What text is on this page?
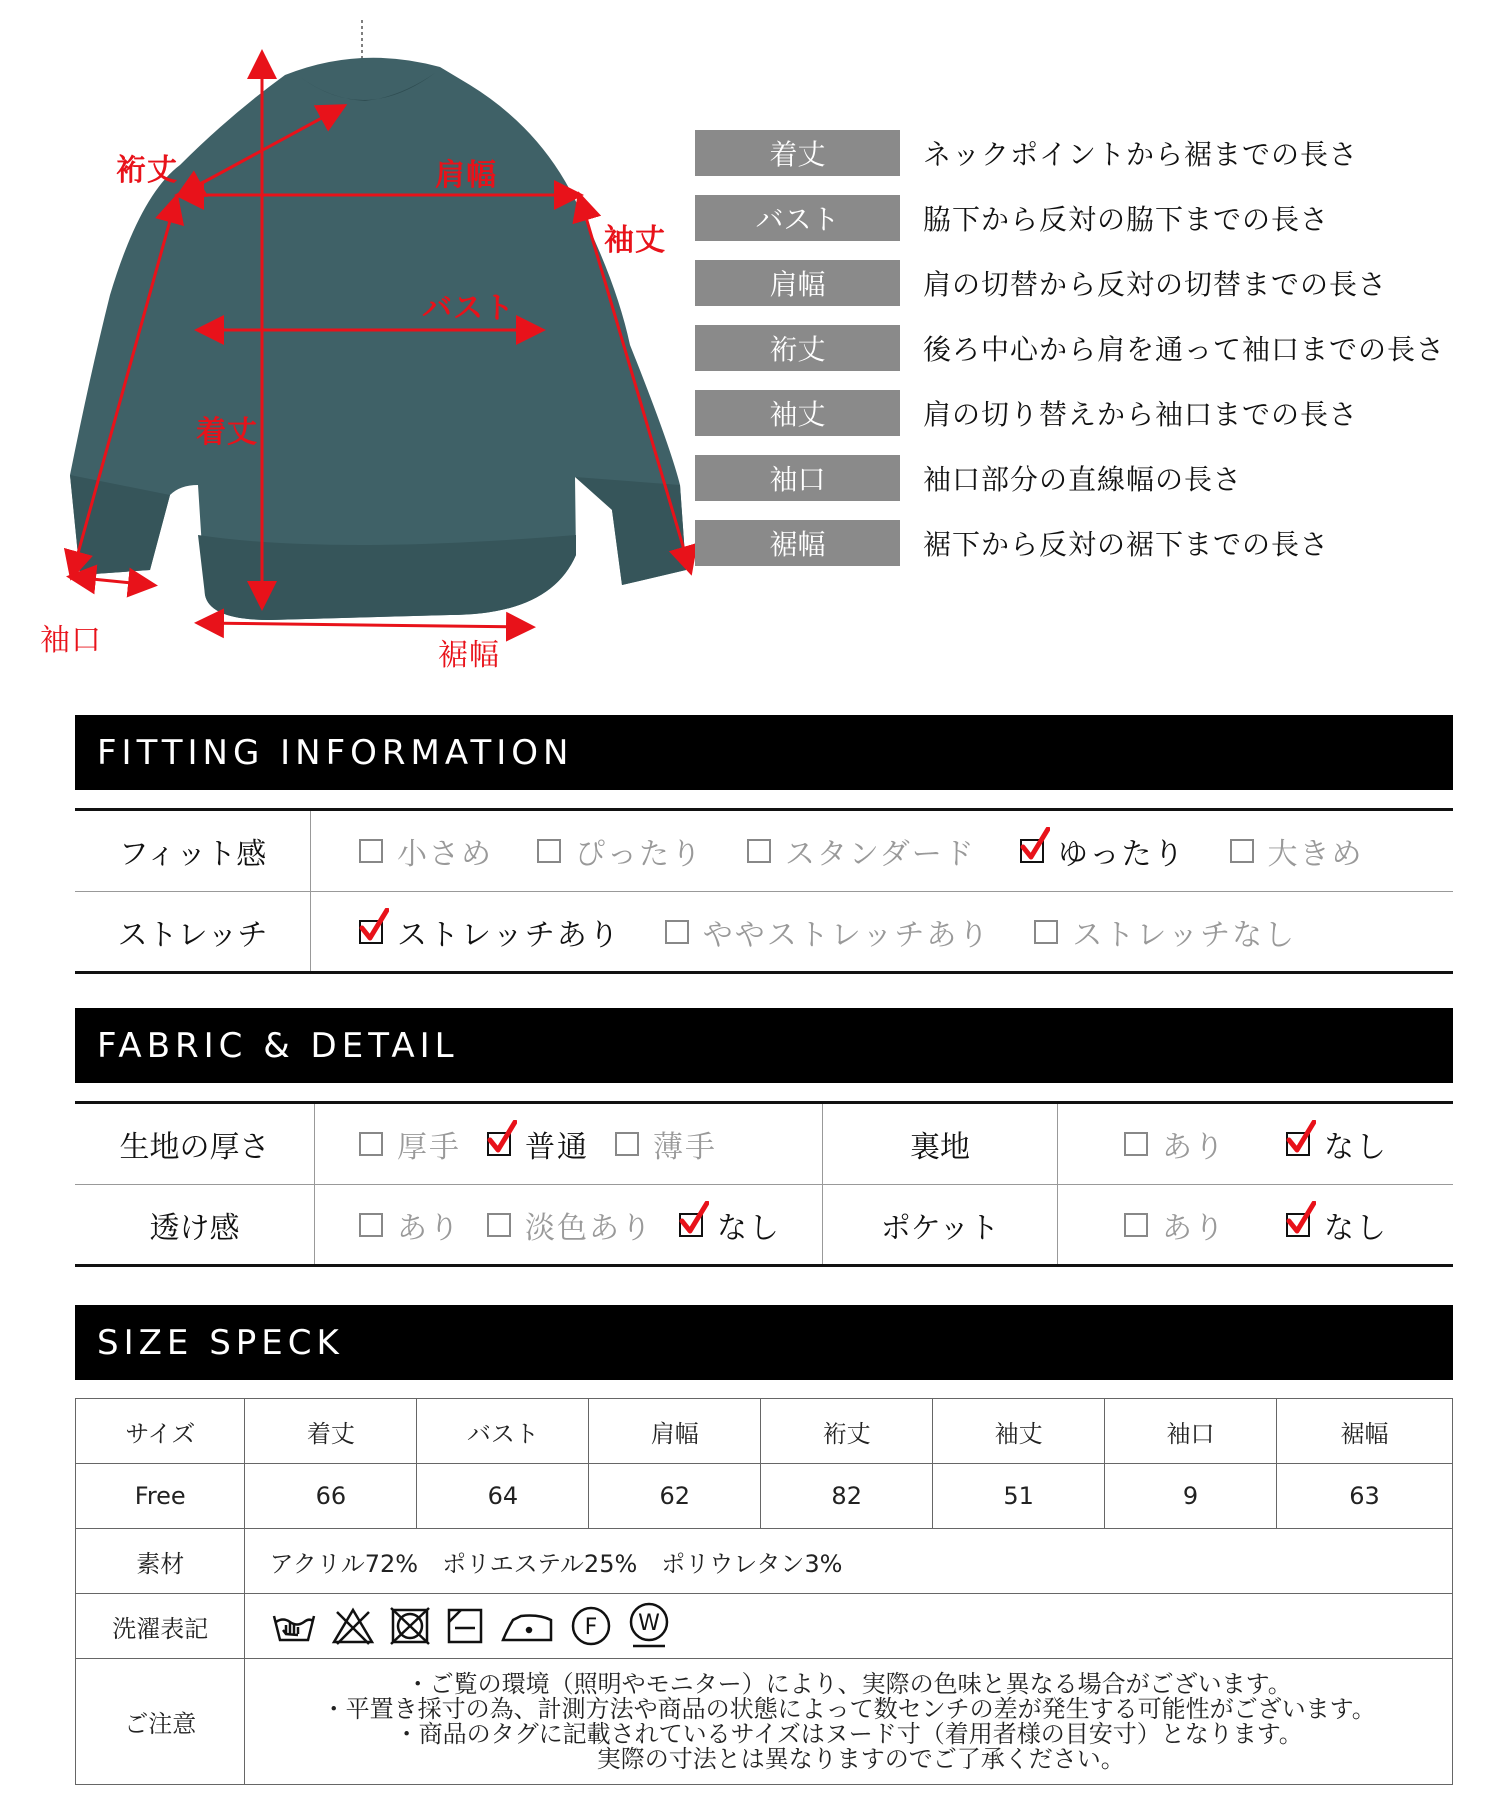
裄丈	肩幅
袖丈
バスト
着丈
袖口	裾幅
着丈	ネックポイントから裾までの長さ
バスト	脇下から反対の脇下までの長さ
肩幅	肩の切替から反対の切替までの長さ
裄丈	後ろ中心から肩を通って袖口までの長さ
袖丈	肩の切り替えから袖口までの長さ
袖口	袖口部分の直線幅の長さ
裾幅	裾下から反対の裾下までの長さ
FITTING INFORMATION
フィット感	小さめ	ぴったり	スタンダード	ゆったり	大きめ
ストレッチ	ストレッチあり	ややストレッチあり	ストレッチなし
FABRIC & DETAIL
生地の厚さ	厚手 普通 薄手	裏地	あり	なし
透け感	あり 淡色あり なし	ポケット	あり	なし
SIZE SPECK
サイズ	着丈	バスト	肩幅	裄丈	袖丈	袖口	裾幅
Free	66	64	62	82	51	9	63
素材	アクリル72%　ポリエステル25%　ポリウレタン3%						
洗濯表記	F W						

ご注意	・ご覧の環境（照明やモニター）により、実際の色味と異なる場合がございます。
・平置き採寸の為、計測方法や商品の状態によって数センチの差が発生する可能性がございます。
・商品のタグに記載されているサイズはヌード寸（着用者様の目安寸）となります。
　実際の寸法とは異なりますのでご了承ください。						
